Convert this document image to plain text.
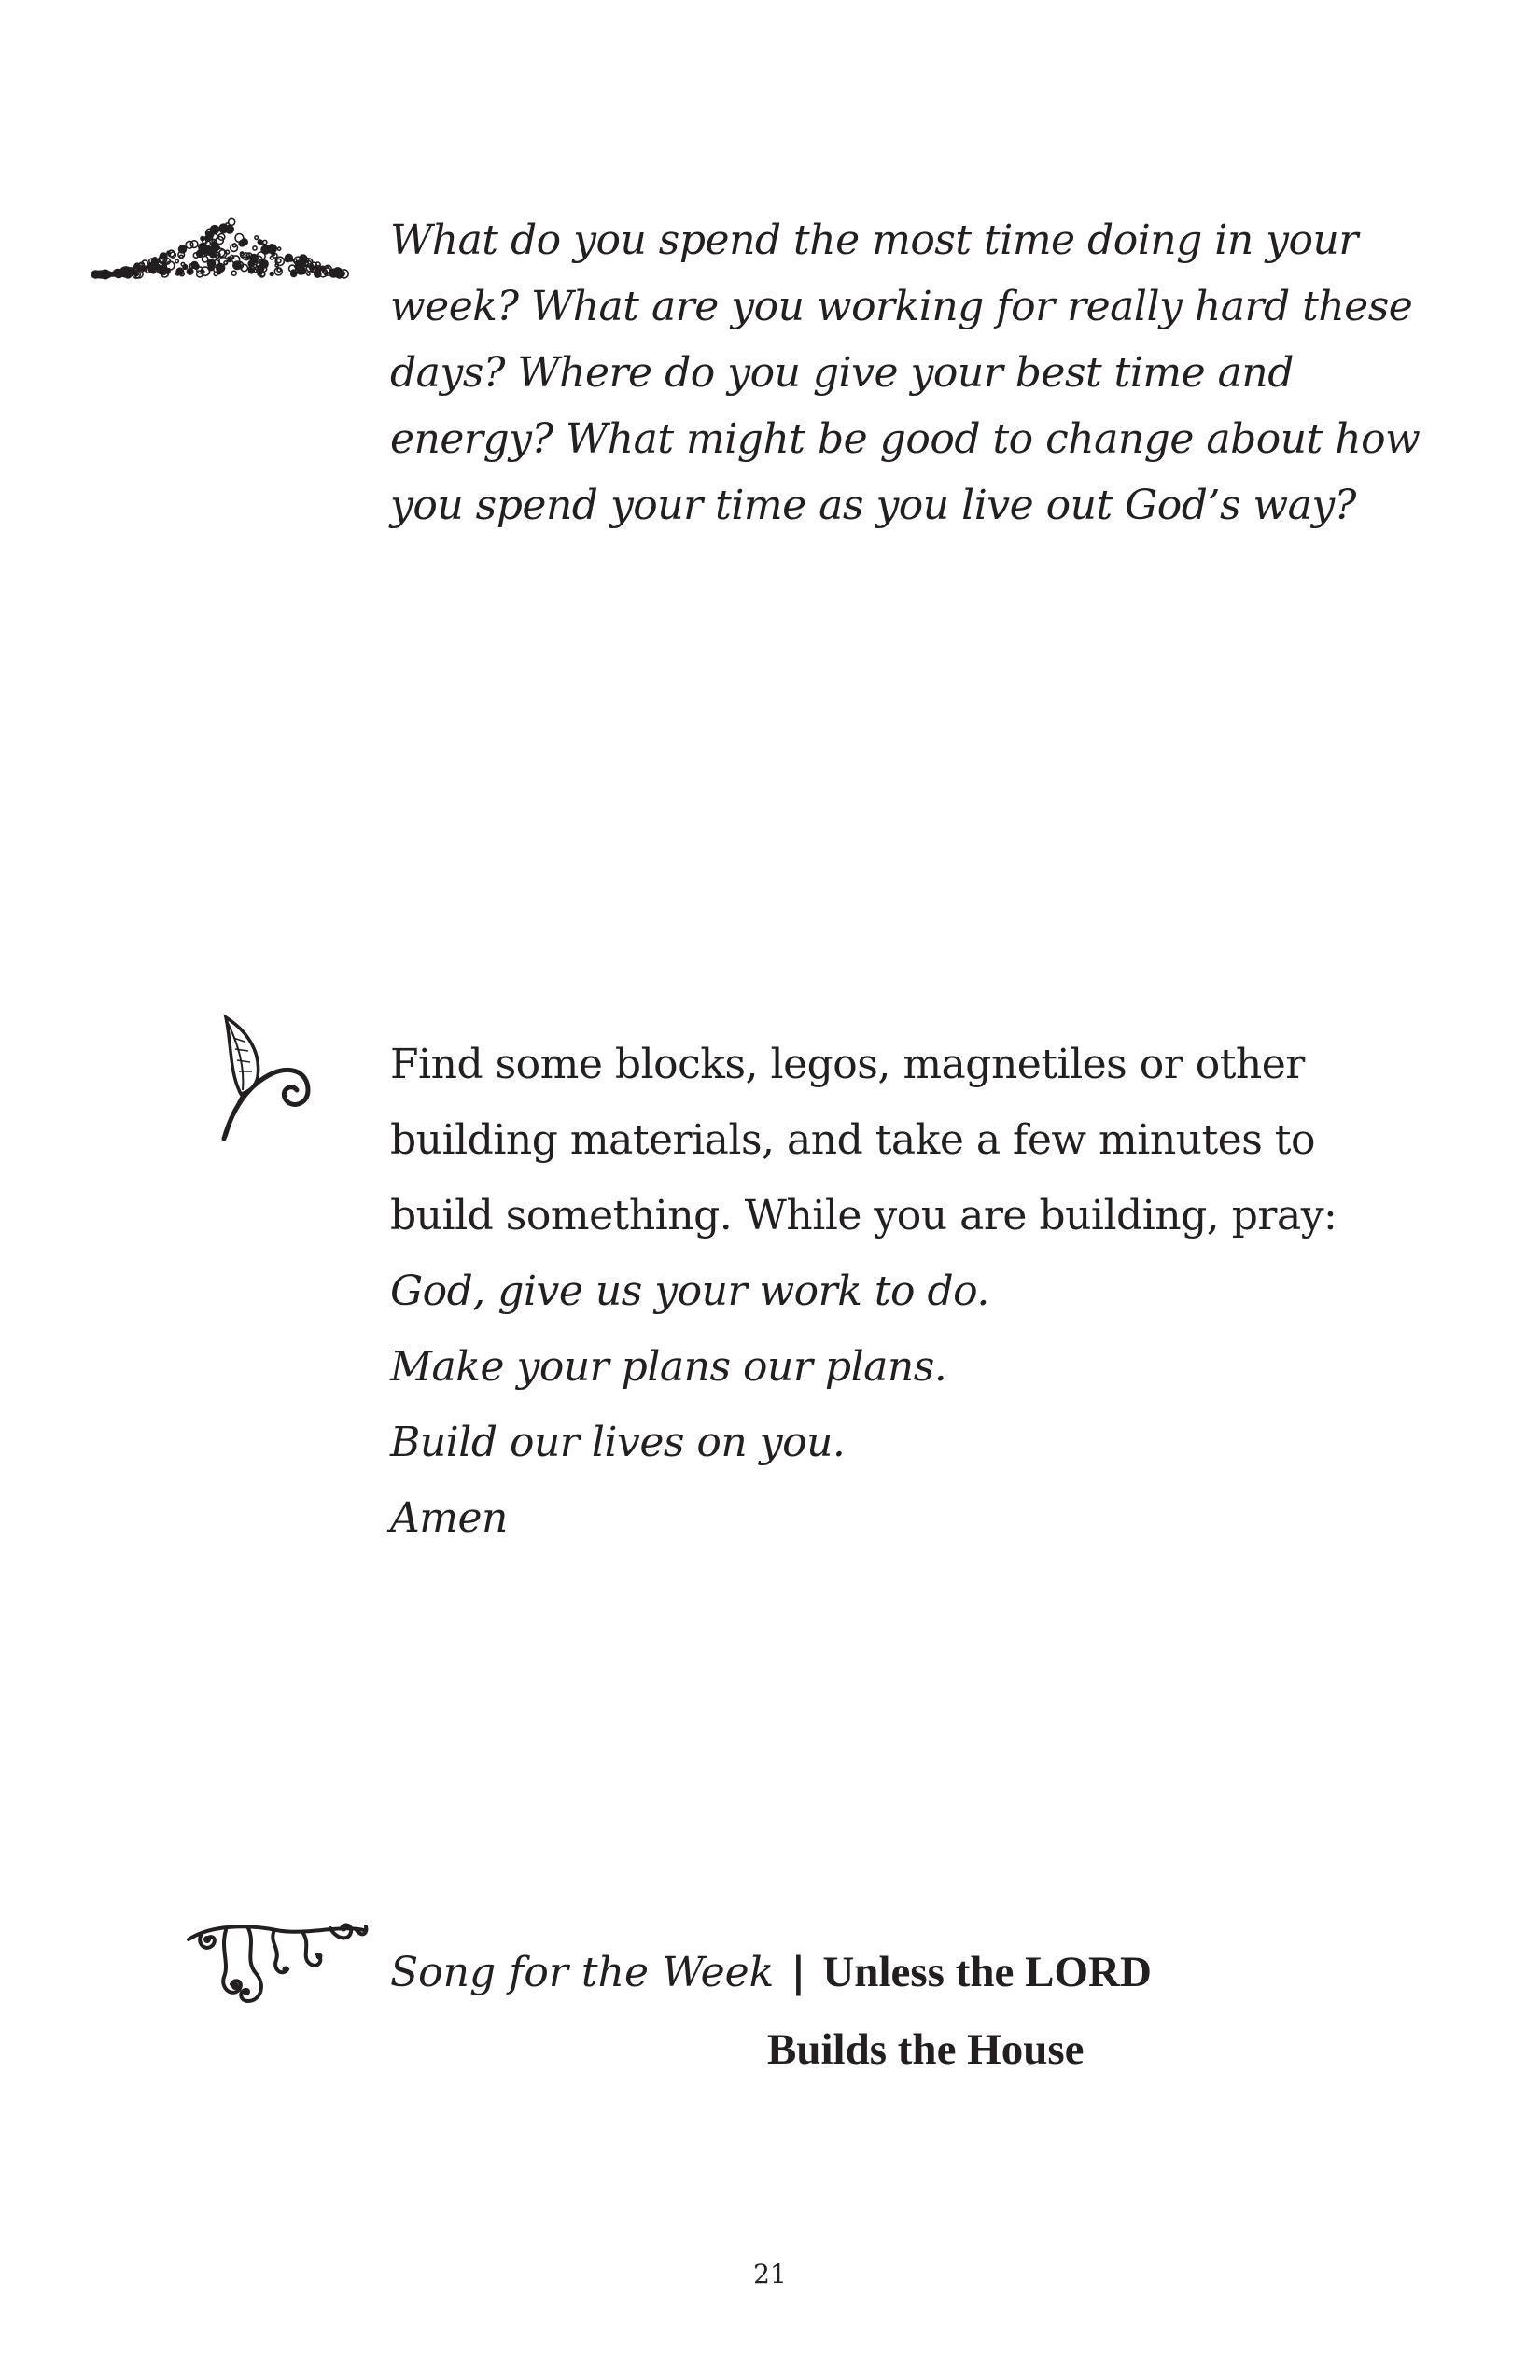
What do you spend the most time doing in your
week? What are you working for really hard these
days? Where do you give your best time and
energy? What might be good to change about how
you spend your time as you live out God’s way?
Find some blocks, legos, magnetiles or other
building materials, and take a few minutes to
build something. While you are building, pray:
God, give us your work to do.
Make your plans our plans.
Build our lives on you.
Amen
Song for the Week | Unless the LORD
Builds the House
21
